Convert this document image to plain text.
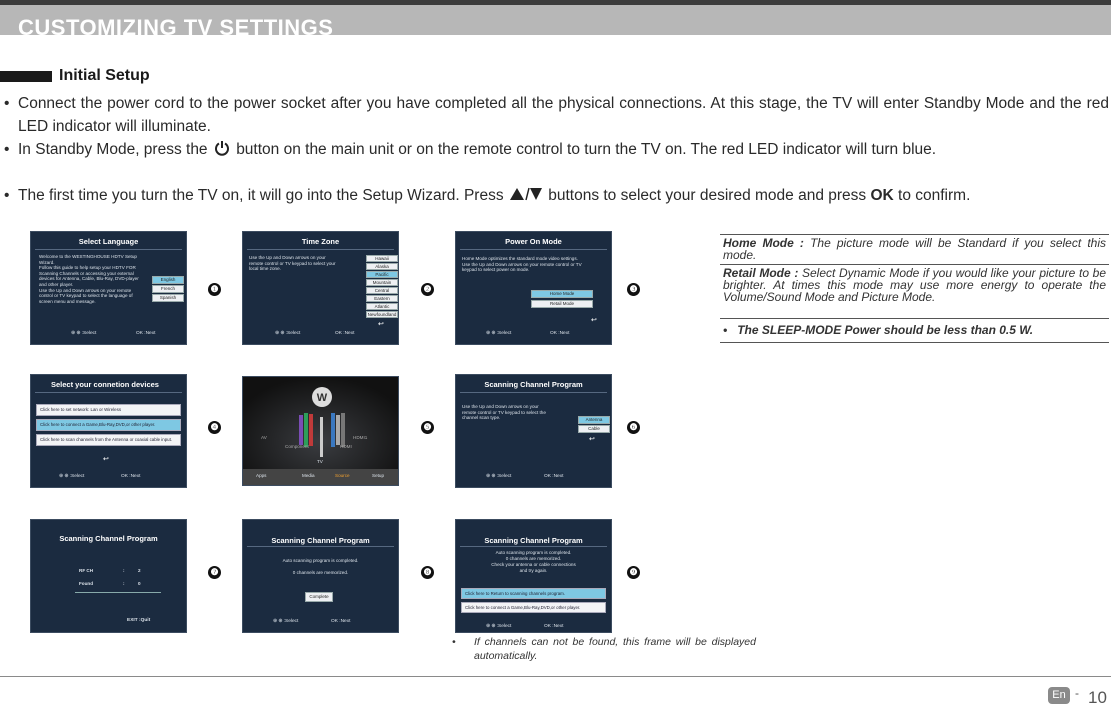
CUSTOMIZING TV SETTINGS
Initial Setup
• Connect the power cord to the power socket after you have completed all the physical connections. At this stage, the TV will enter Standby Mode and the red LED indicator will illuminate.
• In Standby Mode, press the button on the main unit or on the remote control to turn the TV on. The red LED indicator will turn blue.
• The first time you turn the TV on, it will go into the Setup Wizard. Press	buttons to select your desired mode and press OK to confirm.
Select Language
Welcome to the WESTINGHOUSE HDTV Setup Wizard.
Follow this guide to help setup your HDTV FOR Scanning Channels or accessing your external devices for Antenna, Cable, Blu-Ray, DVD-player and other player.
Use the Up and Down arrows on your remote control or TV keypad to select the language of screen menu and message.
English
French
Spanish
⊕ ⊕ :Select	OK :Next
❶
Time Zone
Use the Up and Down arrows on your remote control or TV keypad to select your local time zone.
Hawaii
Alaska
Pacific
Mountain
Central
Eastern
Atlantic
Newfoundland
↩
⊕ ⊕ :Select	OK :Next
❷
Power On Mode
Home Mode optimizes the standard mode video settings.
Use the Up and Down arrows on your remote control or TV keypad to select power on mode.
Home Mode
Retail Mode
↩
⊕ ⊕ :Select	OK :Next
❸
Select your connetion devices
Click here to set network: Lan or Wireless
Click here to connect a Game,Blu-Ray,DVD,or other player.
Click here to scan channels from the Antenna or coaxial cable input.
↩
⊕ ⊕ :Select	OK :Next
❹
W
AV
Component	HDMI
HDMI1
TV
Apps	Media	Source	Setup
❺
Scanning Channel Program
Use the Up and Down arrows on your remote control or TV keypad to select the channel scan type.	Antenna
Cable
↩
⊕ ⊕ :Select	OK :Next
❻
Scanning Channel Program
RF CH	:	2
Found	:	0
EXIT :Quit
❼
Scanning Channel Program
Auto scanning program is completed.
0 channels are memorized.
Complete
⊕ ⊕ :Select	OK :Next
❽
Scanning Channel Program
Auto scanning program is completed.
0 channels are memorized.
Check your antenna or cable connections
and try again.
Click here to Return to scanning channels program.
Click here to connect a Game,Blu-Ray,DVD,or other player.
⊕ ⊕ :Select	OK :Next
❾
Home Mode : The picture mode will be Standard if you select this mode.
Retail Mode : Select Dynamic Mode if you would like your picture to be brighter. At times this mode may use more energy to operate the Volume/Sound Mode and Picture Mode.
•   The SLEEP-MODE Power should be less than 0.5 W.
•	If channels can not be found, this frame will be displayed automatically.
En - 10
